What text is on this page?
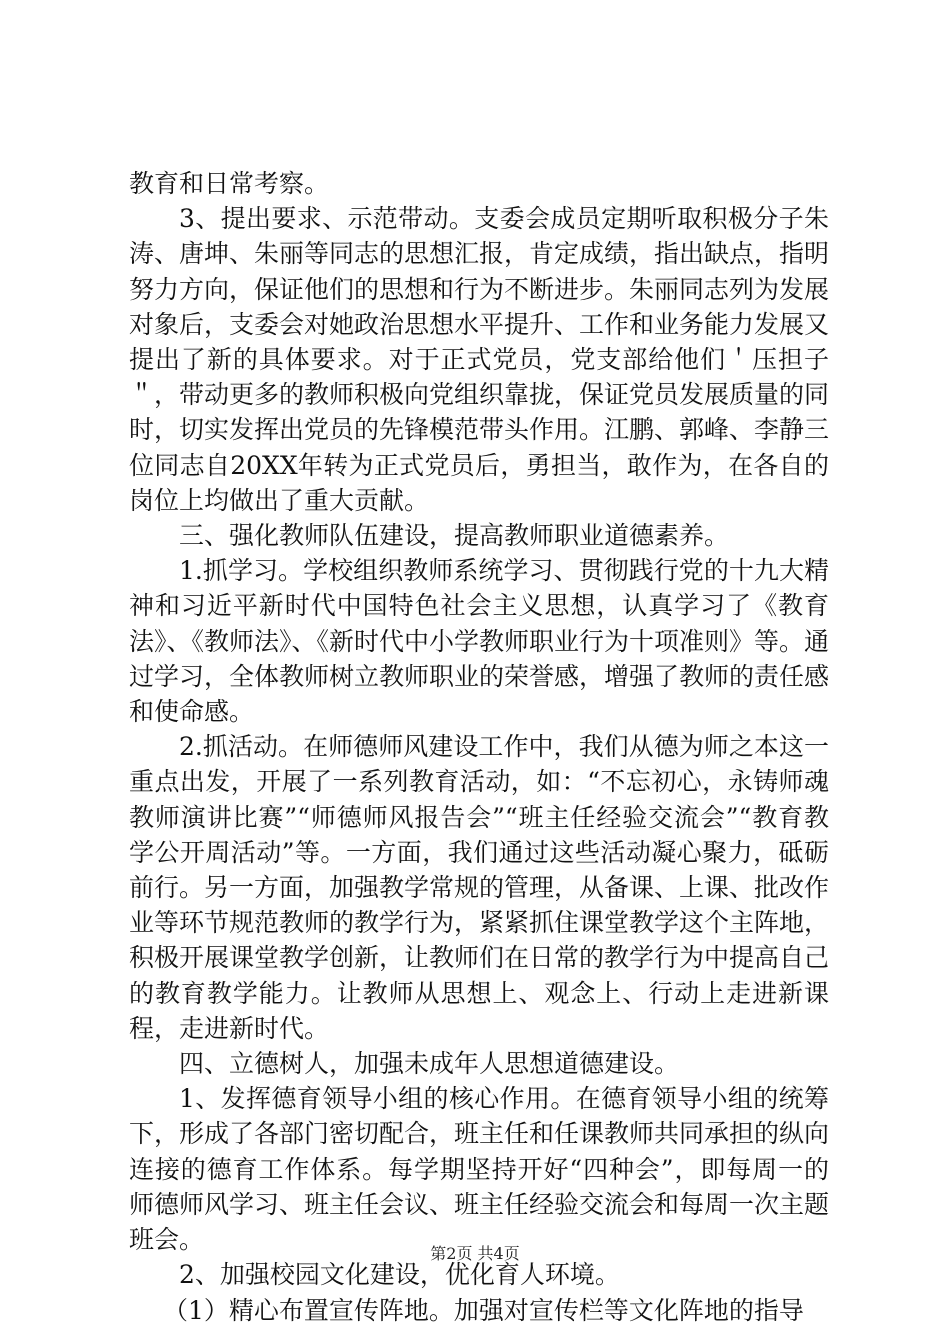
教育和日常考察。

3、提出要求、示范带动。支委会成员定期听取积极分子朱涛、唐坤、朱丽等同志的思想汇报，肯定成绩，指出缺点，指明努力方向，保证他们的思想和行为不断进步。朱丽同志列为发展对象后，支委会对她政治思想水平提升、工作和业务能力发展又提出了新的具体要求。对于正式党员，党支部给他们＇压担子＂，带动更多的教师积极向党组织靠拢，保证党员发展质量的同时，切实发挥出党员的先锋模范带头作用。江鹏、郭峰、李静三位同志自20XX年转为正式党员后，勇担当，敢作为，在各自的岗位上均做出了重大贡献。

三、强化教师队伍建设，提高教师职业道德素养。

1.抓学习。学校组织教师系统学习、贯彻践行党的十九大精神和习近平新时代中国特色社会主义思想，认真学习了《教育法》、《教师法》、《新时代中小学教师职业行为十项准则》等。通过学习，全体教师树立教师职业的荣誉感，增强了教师的责任感和使命感。

2.抓活动。在师德师风建设工作中，我们从德为师之本这一重点出发，开展了一系列教育活动，如：“不忘初心，永铸师魂教师演讲比赛”“师德师风报告会”“班主任经验交流会”“教育教学公开周活动”等。一方面，我们通过这些活动凝心聚力，砥砺前行。另一方面，加强教学常规的管理，从备课、上课、批改作业等环节规范教师的教学行为，紧紧抓住课堂教学这个主阵地，积极开展课堂教学创新，让教师们在日常的教学行为中提高自己的教育教学能力。让教师从思想上、观念上、行动上走进新课程，走进新时代。

四、立德树人，加强未成年人思想道德建设。

1、发挥德育领导小组的核心作用。在德育领导小组的统筹下，形成了各部门密切配合，班主任和任课教师共同承担的纵向连接的德育工作体系。每学期坚持开好“四种会”，即每周一的师德师风学习、班主任会议、班主任经验交流会和每周一次主题班会。

2、加强校园文化建设，优化育人环境。

（1）精心布置宣传阵地。加强对宣传栏等文化阵地的指导

第2页 共4页
